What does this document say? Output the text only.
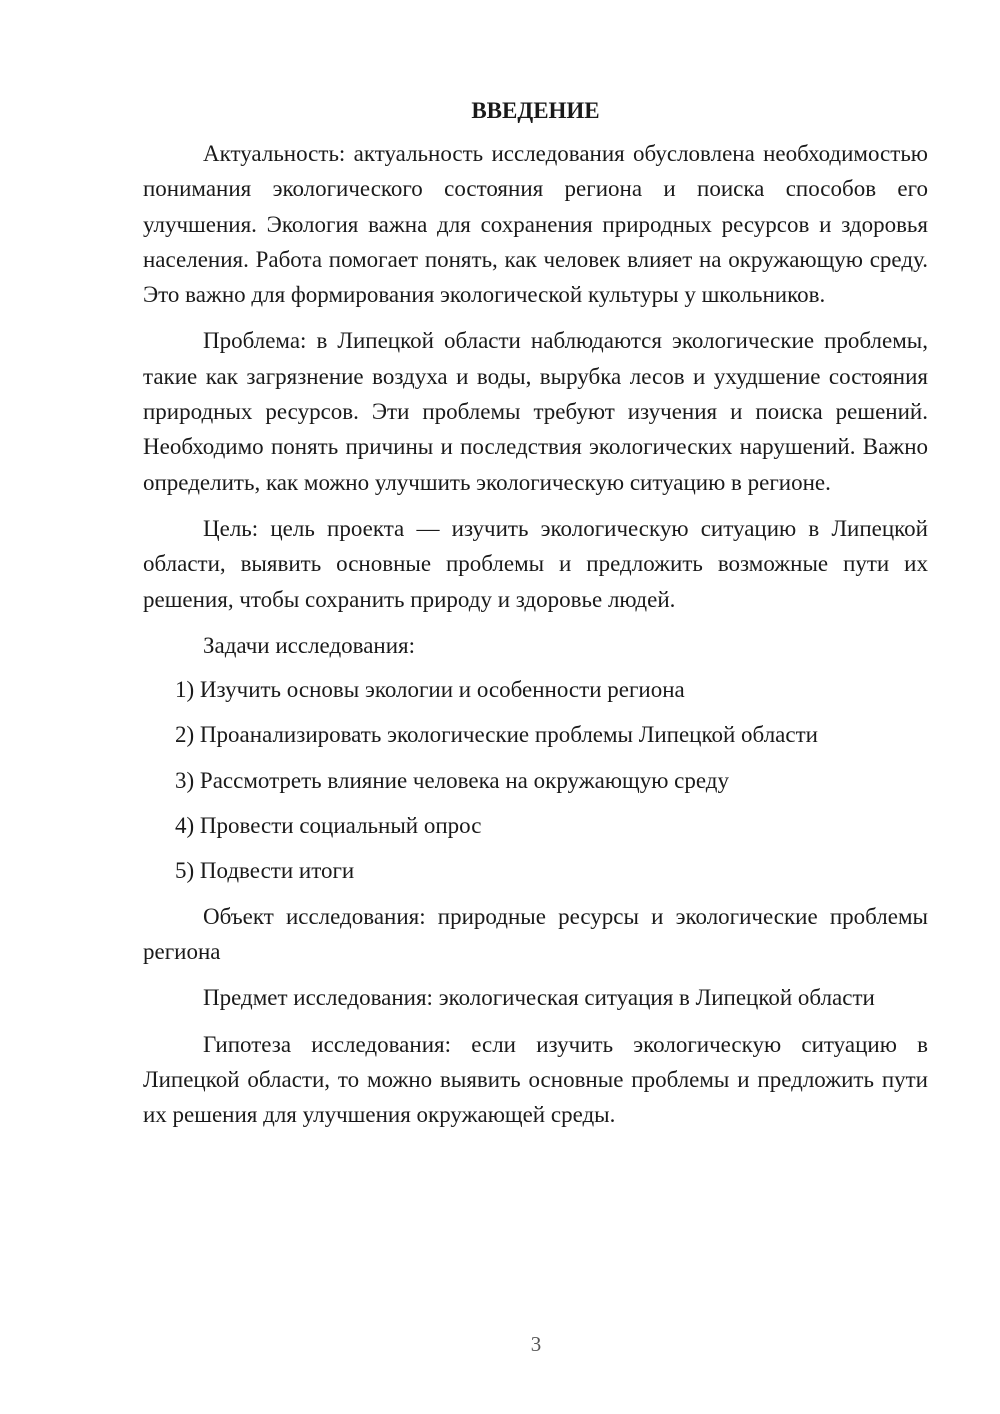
ВВЕДЕНИЕ

Актуальность: актуальность исследования обусловлена необходимостью понимания экологического состояния региона и поиска способов его улучшения. Экология важна для сохранения природных ресурсов и здоровья населения. Работа помогает понять, как человек влияет на окружающую среду. Это важно для формирования экологической культуры у школьников.

Проблема: в Липецкой области наблюдаются экологические проблемы, такие как загрязнение воздуха и воды, вырубка лесов и ухудшение состояния природных ресурсов. Эти проблемы требуют изучения и поиска решений. Необходимо понять причины и последствия экологических нарушений. Важно определить, как можно улучшить экологическую ситуацию в регионе.

Цель: цель проекта — изучить экологическую ситуацию в Липецкой области, выявить основные проблемы и предложить возможные пути их решения, чтобы сохранить природу и здоровье людей.

Задачи исследования:
1) Изучить основы экологии и особенности региона
2) Проанализировать экологические проблемы Липецкой области
3) Рассмотреть влияние человека на окружающую среду
4) Провести социальный опрос
5) Подвести итоги

Объект исследования: природные ресурсы и экологические проблемы региона

Предмет исследования: экологическая ситуация в Липецкой области

Гипотеза исследования: если изучить экологическую ситуацию в Липецкой области, то можно выявить основные проблемы и предложить пути их решения для улучшения окружающей среды.

3
